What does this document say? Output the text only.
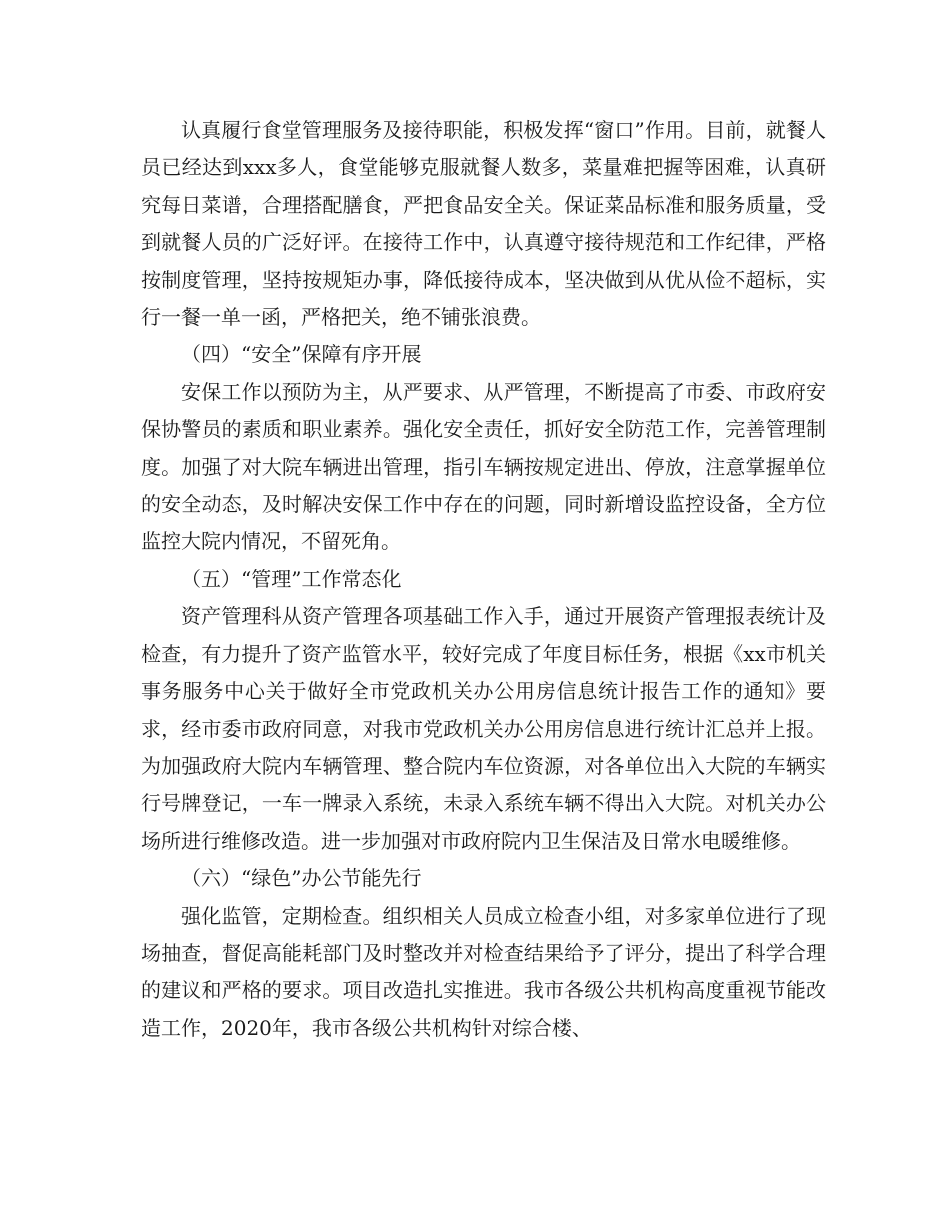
认真履行食堂管理服务及接待职能，积极发挥“窗口”作用。目前，就餐人员已经达到xxx多人，食堂能够克服就餐人数多，菜量难把握等困难，认真研究每日菜谱，合理搭配膳食，严把食品安全关。保证菜品标准和服务质量，受到就餐人员的广泛好评。在接待工作中，认真遵守接待规范和工作纪律，严格按制度管理，坚持按规矩办事，降低接待成本，坚决做到从优从俭不超标，实行一餐一单一函，严格把关，绝不铺张浪费。

（四）“安全”保障有序开展

安保工作以预防为主，从严要求、从严管理，不断提高了市委、市政府安保协警员的素质和职业素养。强化安全责任，抓好安全防范工作，完善管理制度。加强了对大院车辆进出管理，指引车辆按规定进出、停放，注意掌握单位的安全动态，及时解决安保工作中存在的问题，同时新增设监控设备，全方位监控大院内情况，不留死角。

（五）“管理”工作常态化

资产管理科从资产管理各项基础工作入手，通过开展资产管理报表统计及检查，有力提升了资产监管水平，较好完成了年度目标任务，根据《xx市机关事务服务中心关于做好全市党政机关办公用房信息统计报告工作的通知》要求，经市委市政府同意，对我市党政机关办公用房信息进行统计汇总并上报。为加强政府大院内车辆管理、整合院内车位资源，对各单位出入大院的车辆实行号牌登记，一车一牌录入系统，未录入系统车辆不得出入大院。对机关办公场所进行维修改造。进一步加强对市政府院内卫生保洁及日常水电暖维修。

（六）“绿色”办公节能先行

强化监管，定期检查。组织相关人员成立检查小组，对多家单位进行了现场抽查，督促高能耗部门及时整改并对检查结果给予了评分，提出了科学合理的建议和严格的要求。项目改造扎实推进。我市各级公共机构高度重视节能改造工作，2020年，我市各级公共机构针对综合楼、
